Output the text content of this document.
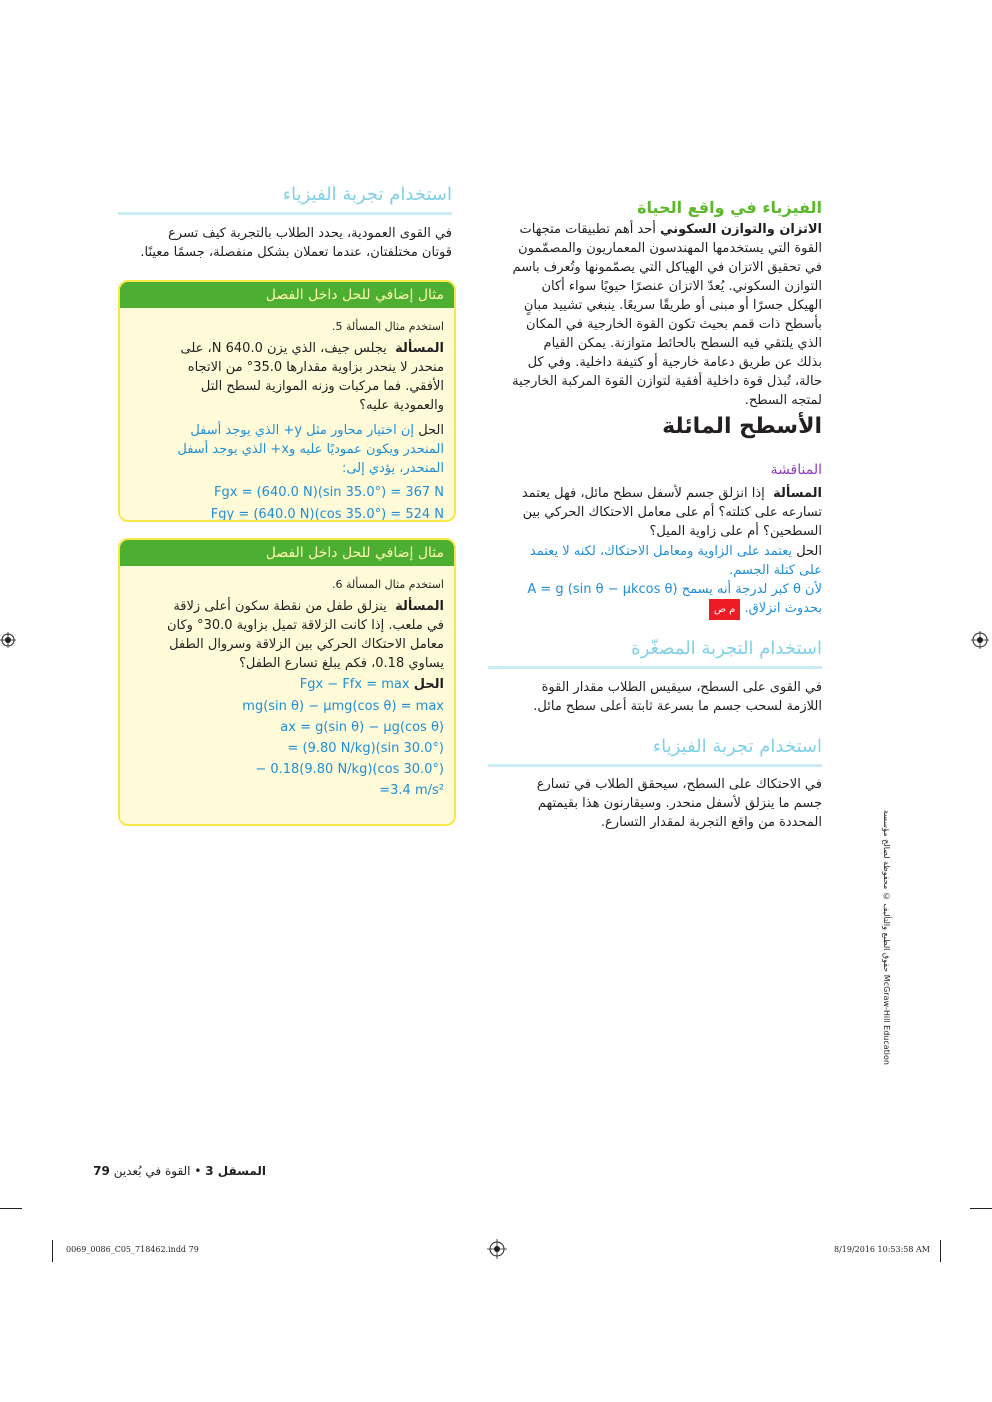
الفيزياء في واقع الحياة
الاتزان والتوازن السكوني أحد أهم تطبيقات متجهات
القوة التي يستخدمها المهندسون المعماريون والمصمّمون
في تحقيق الاتزان في الهياكل التي يصمّمونها وتُعرف باسم
التوازن السكوني. يُعدّ الاتزان عنصرًا حيويًا سواء أكان
الهيكل جسرًا أو مبنى أو طريقًا سريعًا. ينبغي تشييد مبانٍ
بأسطح ذات قمم بحيث تكون القوة الخارجية في المكان
الذي يلتقي فيه السطح بالحائط متوازنة. يمكن القيام
بذلك عن طريق دعامة خارجية أو كتيفة داخلية. وفي كل
حالة، تُبذل قوة داخلية أفقية لتوازن القوة المركبة الخارجية
لمتجه السطح.
الأسطح المائلة
المناقشة
المسألة  إذا انزلق جسم لأسفل سطح مائل، فهل يعتمد
تسارعه على كتلته؟ أم على معامل الاحتكاك الحركي بين
السطحين؟ أم على زاوية الميل؟
الحل يعتمد على الزاوية ومعامل الاحتكاك، لكنه لا يعتمد
على كتلة الجسم.
لأن θ كبر لدرجة أنه يسمح A = g (sin θ − μkcos θ)
بحدوث انزلاق. م ص
استخدام التجربة المصغّرة
في القوى على السطح، سيقيس الطلاب مقدار القوة
اللازمة لسحب جسم ما بسرعة ثابتة أعلى سطح مائل.
استخدام تجربة الفيزياء
في الاحتكاك على السطح، سيحقق الطلاب في تسارع
جسم ما ينزلق لأسفل منحدر. وسيقارنون هذا بقيمتهم
المحددة من واقع التجربة لمقدار التسارع.
استخدام تجربة الفيزياء
في القوى العمودية، يحدد الطلاب بالتجربة كيف تسرع
قوتان مختلفتان، عندما تعملان بشكل منفصلة، جسمًا معينًا.
مثال إضافي للحل داخل الفصل
استخدم مثال المسألة 5.
المسألة  يجلس جيف، الذي يزن 640.0 N، على
منحدر لا ينحدر بزاوية مقدارها 35.0° من الاتجاه
الأفقي. فما مركبات وزنه الموازية لسطح التل
والعمودية عليه؟
الحل إن اختيار محاور مثل y+ الذي يوجد أسفل
المنحدر ويكون عموديًا عليه وx+ الذي يوجد أسفل
المنحدر، يؤدي إلى:
Fgx = (640.0 N)(sin 35.0°) = 367 N
Fgy = (640.0 N)(cos 35.0°) = 524 N
مثال إضافي للحل داخل الفصل
استخدم مثال المسألة 6.
المسألة  ينزلق طفل من نقطة سكون أعلى زلاقة
في ملعب. إذا كانت الزلاقة تميل بزاوية 30.0° وكان
معامل الاحتكاك الحركي بين الزلاقة وسروال الطفل
يساوي 0.18، فكم يبلغ تسارع الطفل؟
الحل Fgx − Ffx = max
mg(sin θ) − μmg(cos θ) = max
ax = g(sin θ) − μg(cos θ)
= (9.80 N/kg)(sin 30.0°)
− 0.18(9.80 N/kg)(cos 30.0°)
=3.4 m/s²
حقوق الطبع والتأليف © محفوظة لصالح مؤسسة McGraw-Hill Education
المسقل 3 • القوة في بُعدين 79
0069_0086_C05_718462.indd 79	8/19/2016 10:53:58 AM
